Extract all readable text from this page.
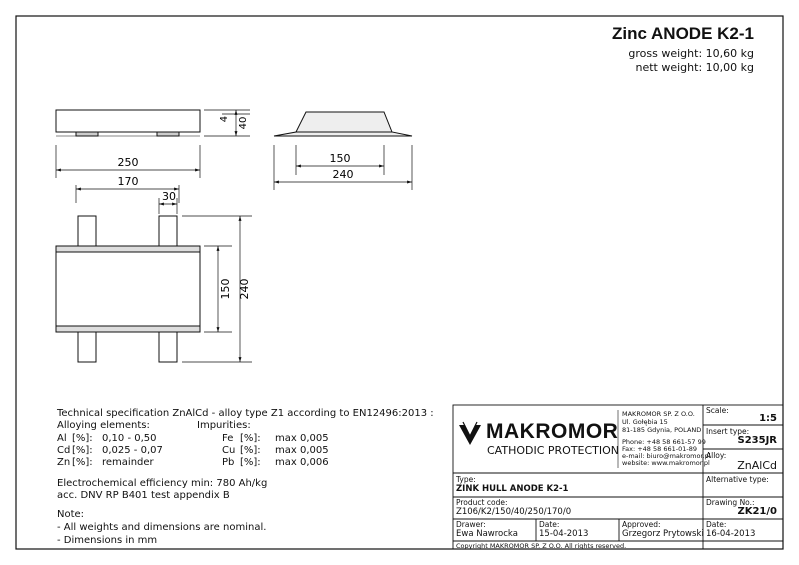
4 40
250
170
150
240
30
150 240
Zinc ANODE K2-1
gross weight: 10,60 kg
nett weight: 10,00 kg
Technical specification ZnAlCd - alloy type Z1 according to EN12496:2013 :
Alloying elements:	Impurities:
Al [%]: 0,10 - 0,50	Fe [%]: max 0,005
Cd [%]: 0,025 - 0,07	Cu [%]: max 0,005
Zn [%]: remainder	Pb [%]: max 0,006
Electrochemical efficiency min: 780 Ah/kg
acc. DNV RP B401 test appendix B
Note:
- All weights and dimensions are nominal.
- Dimensions in mm
MAKROMOR
CATHODIC PROTECTION
MAKROMOR SP. Z O.O.
Ul. Gołębia 15
81-185 Gdynia, POLAND
Phone: +48 58 661-57 99
Fax: +48 58 661-01-89
e-mail: biuro@makromor.pl
website: www.makromor.pl
Scale:
1:5
Insert type:
S235JR
Alloy:
ZnAlCd
Type:
ZINK HULL ANODE K2-1
Alternative type:
Product code:
Z106/K2/150/40/250/170/0
Drawing No.:
ZK21/0
Drawer:
Ewa Nawrocka
Date:
15-04-2013
Approved:
Grzegorz Prytowski
Date:
16-04-2013
Copyright MAKROMOR SP. Z O.O. All rights reserved.
